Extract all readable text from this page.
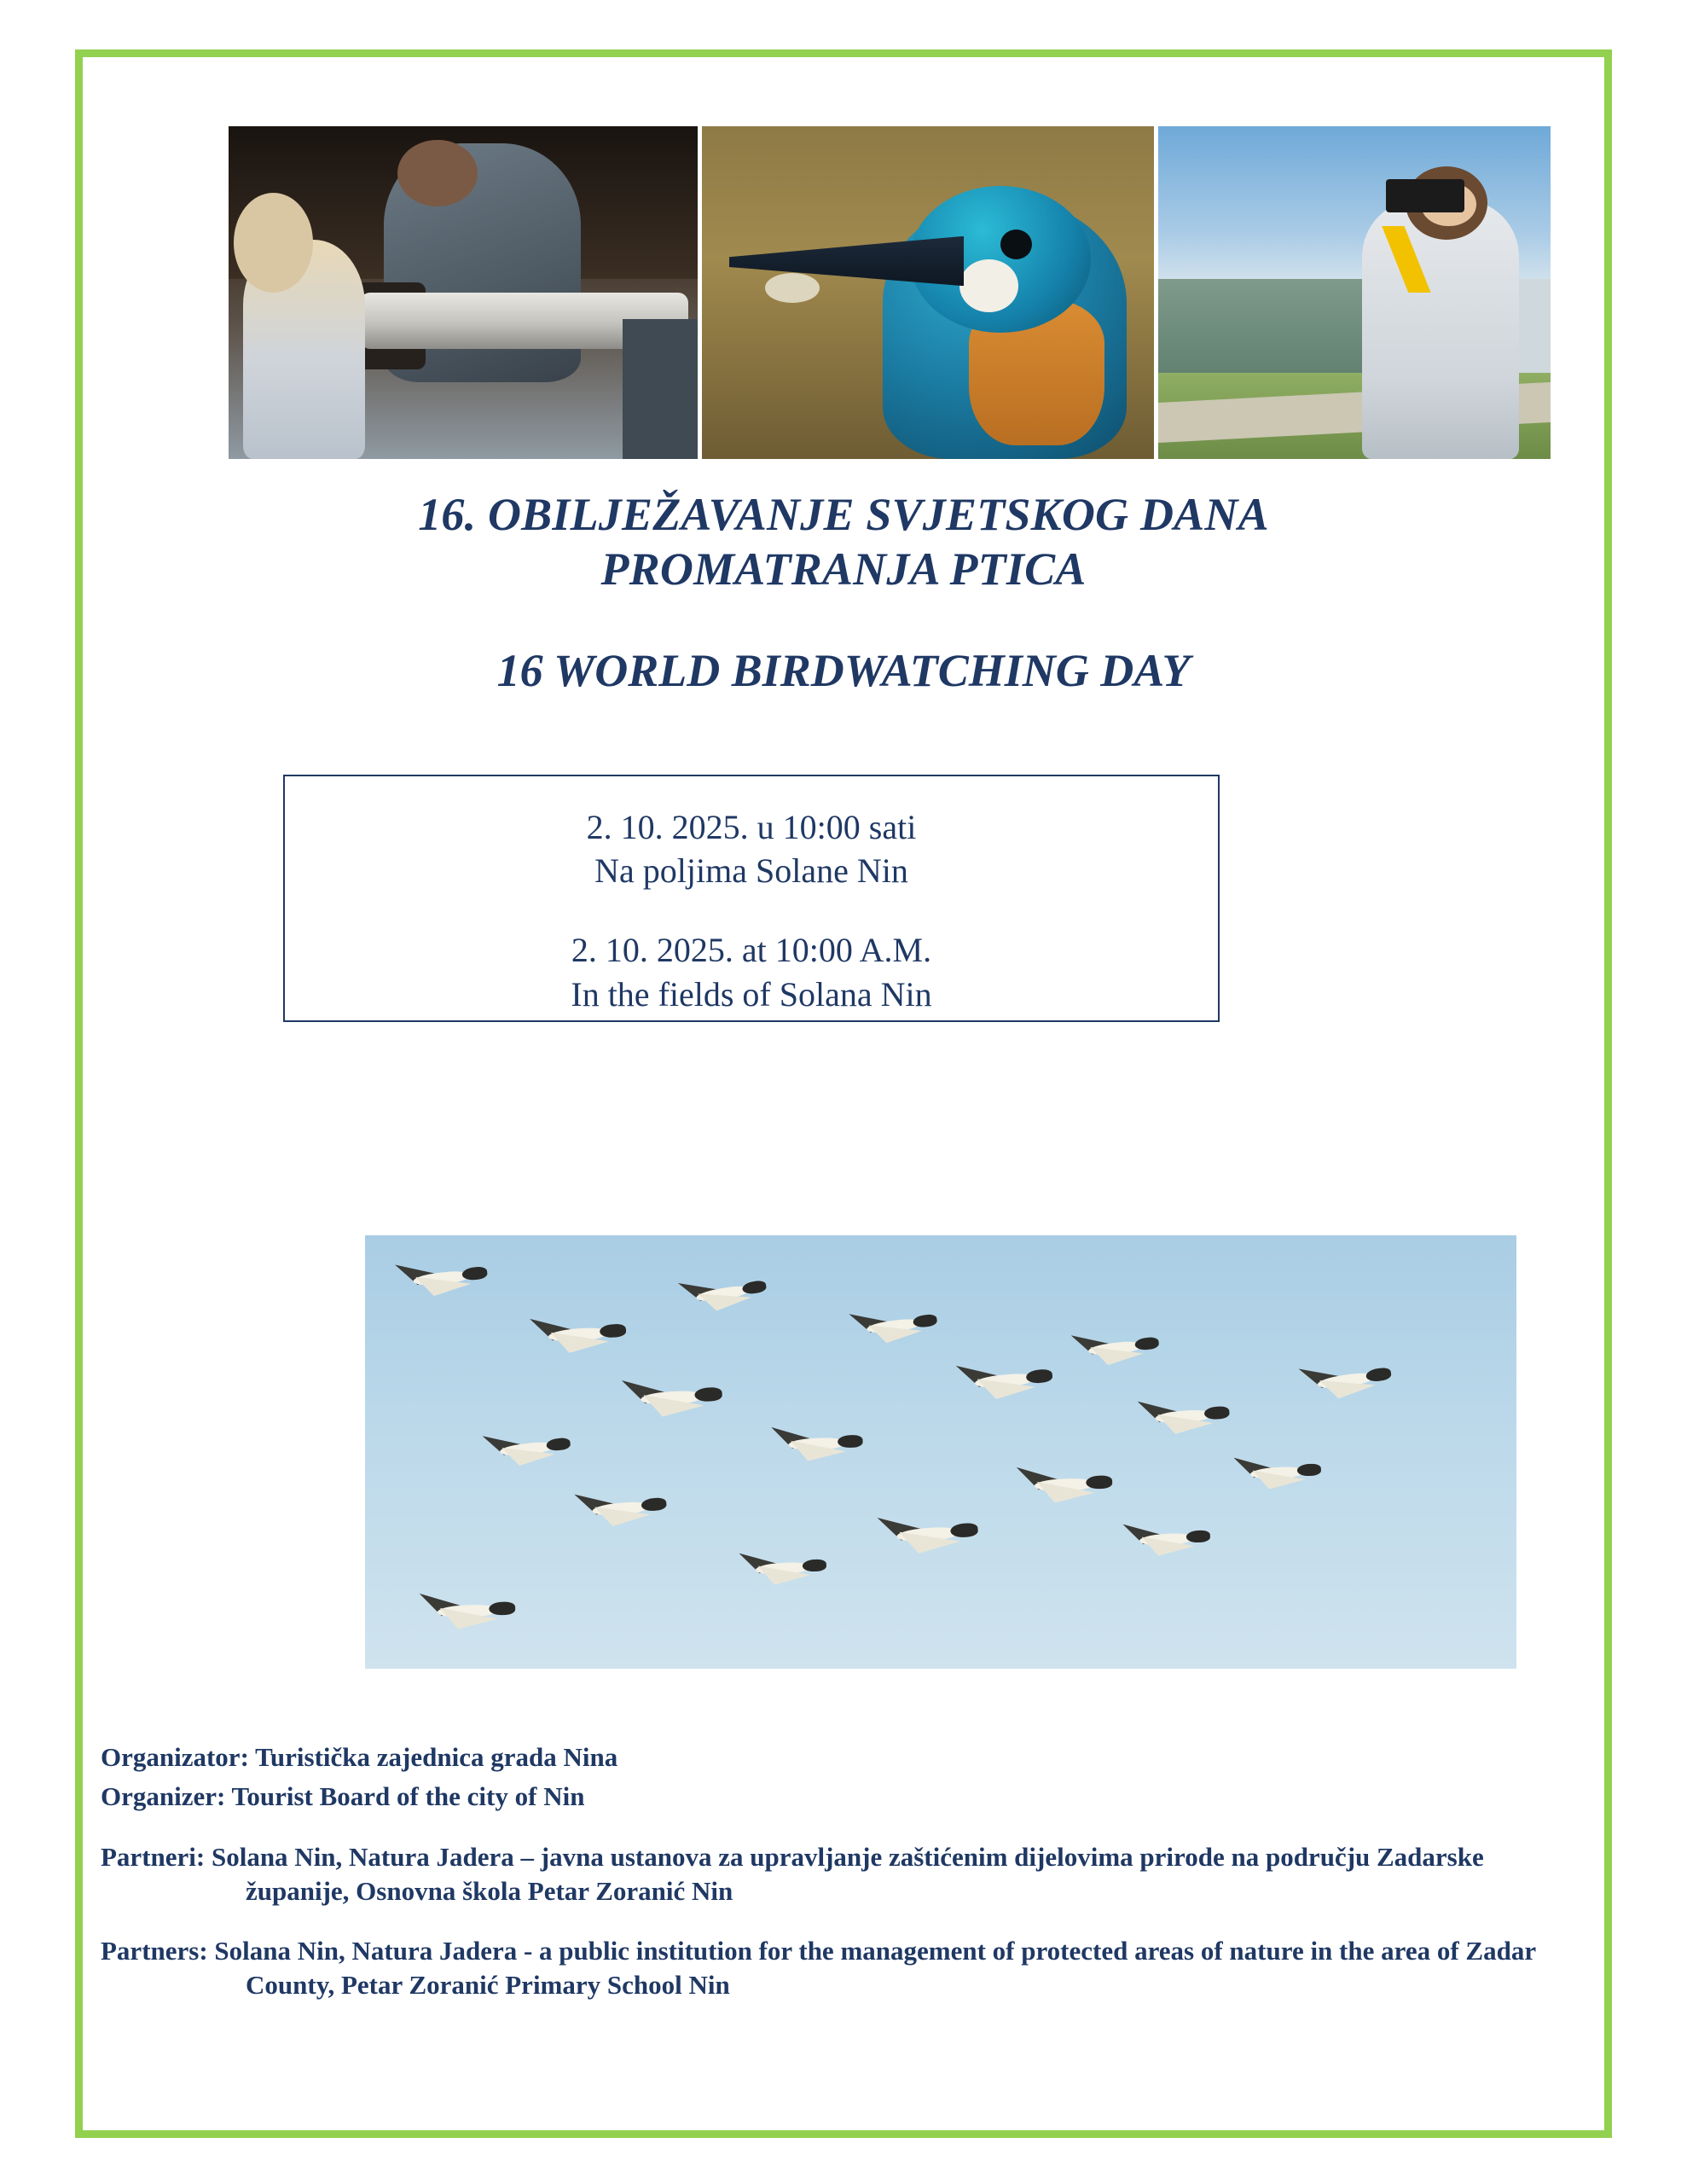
16. OBILJEŽAVANJE SVJETSKOG DANA
PROMATRANJA PTICA
16 WORLD BIRDWATCHING DAY

2. 10. 2025. u 10:00 sati

Na poljima Solane Nin

2. 10. 2025. at 10:00 A.M.

In the fields of Solana Nin

Organizator: Turistička zajednica grada Nina

Organizer: Tourist Board of the city of Nin

Partneri: Solana Nin, Natura Jadera – javna ustanova za upravljanje zaštićenim dijelovima prirode na području Zadarske županije, Osnovna škola Petar Zoranić Nin

Partners: Solana Nin, Natura Jadera - a public institution for the management of protected areas of nature in the area of Zadar County, Petar Zoranić Primary School Nin
